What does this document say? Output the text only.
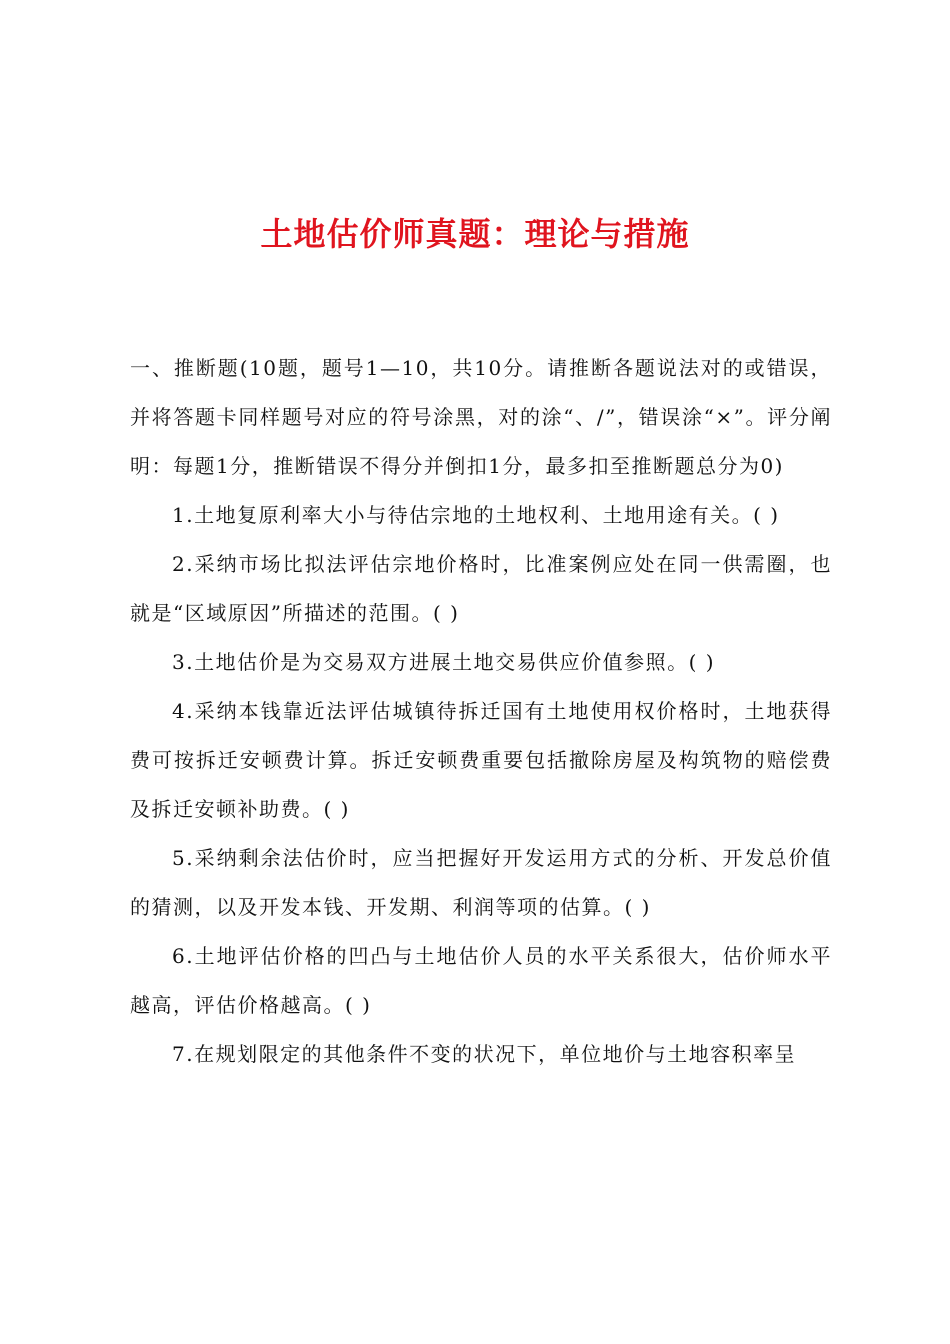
土地估价师真题：理论与措施

一、推断题(10题，题号1—10，共10分。请推断各题说法对的或错误，并将答题卡同样题号对应的符号涂黑，对的涂“、/”，错误涂“×”。评分阐明：每题1分，推断错误不得分并倒扣1分，最多扣至推断题总分为0)

1.土地复原利率大小与待估宗地的土地权利、土地用途有关。( )

2.采纳市场比拟法评估宗地价格时，比准案例应处在同一供需圈，也就是“区域原因”所描述的范围。( )

3.土地估价是为交易双方进展土地交易供应价值参照。( )

4.采纳本钱靠近法评估城镇待拆迁国有土地使用权价格时，土地获得费可按拆迁安顿费计算。拆迁安顿费重要包括撤除房屋及构筑物的赔偿费及拆迁安顿补助费。( )

5.采纳剩余法估价时，应当把握好开发运用方式的分析、开发总价值的猜测，以及开发本钱、开发期、利润等项的估算。( )

6.土地评估价格的凹凸与土地估价人员的水平关系很大，估价师水平越高，评估价格越高。( )

7.在规划限定的其他条件不变的状况下，单位地价与土地容积率呈
